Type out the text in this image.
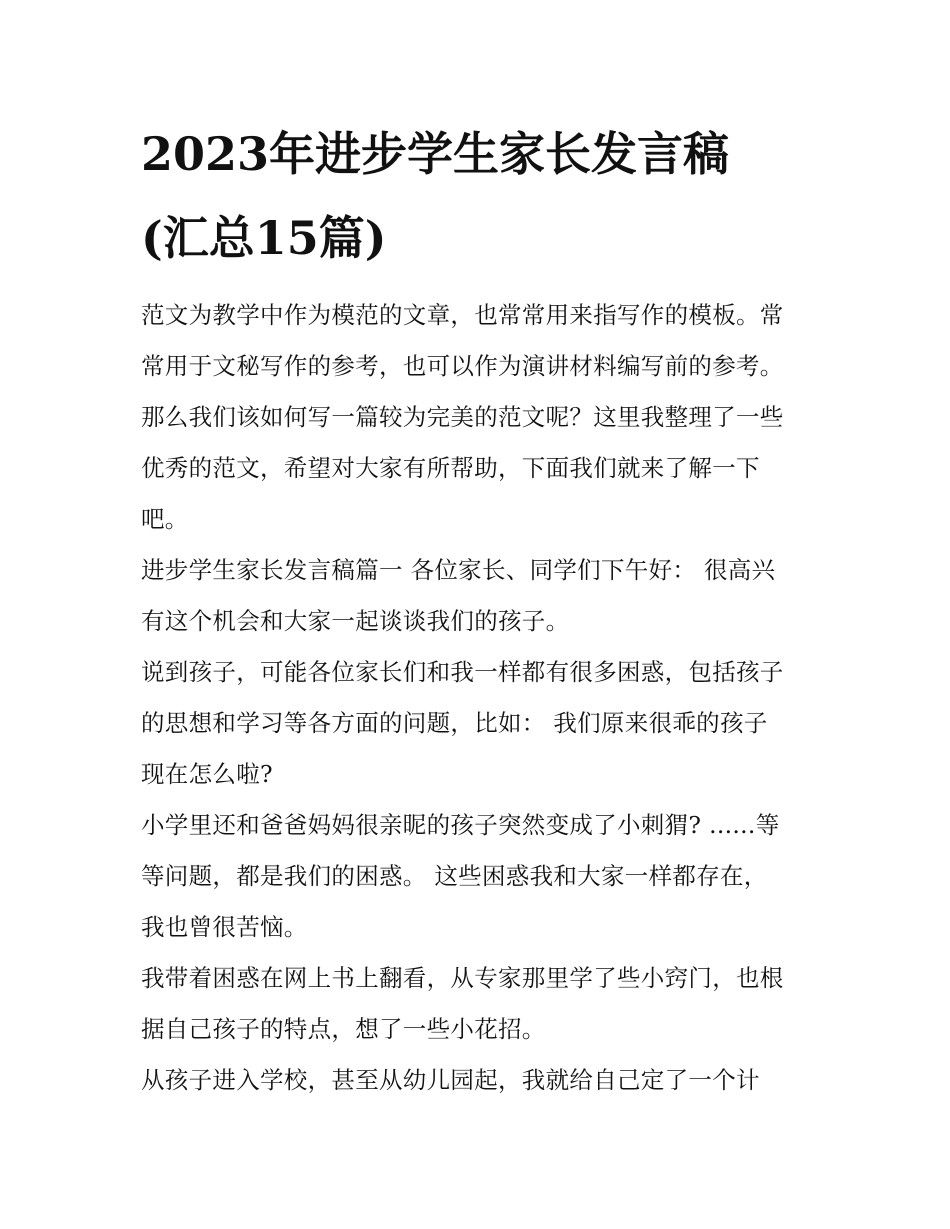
2023年进步学生家长发言稿
(汇总15篇)

范文为教学中作为模范的文章，也常常用来指写作的模板。常
常用于文秘写作的参考，也可以作为演讲材料编写前的参考。
那么我们该如何写一篇较为完美的范文呢？这里我整理了一些
优秀的范文，希望对大家有所帮助，下面我们就来了解一下
吧。

进步学生家长发言稿篇一 各位家长、同学们下午好： 很高兴
有这个机会和大家一起谈谈我们的孩子。

说到孩子，可能各位家长们和我一样都有很多困惑，包括孩子
的思想和学习等各方面的问题，比如： 我们原来很乖的孩子
现在怎么啦?

小学里还和爸爸妈妈很亲昵的孩子突然变成了小刺猬? ......等
等问题，都是我们的困惑。 这些困惑我和大家一样都存在，
我也曾很苦恼。

我带着困惑在网上书上翻看，从专家那里学了些小窍门，也根
据自己孩子的特点，想了一些小花招。

从孩子进入学校，甚至从幼儿园起，我就给自己定了一个计
